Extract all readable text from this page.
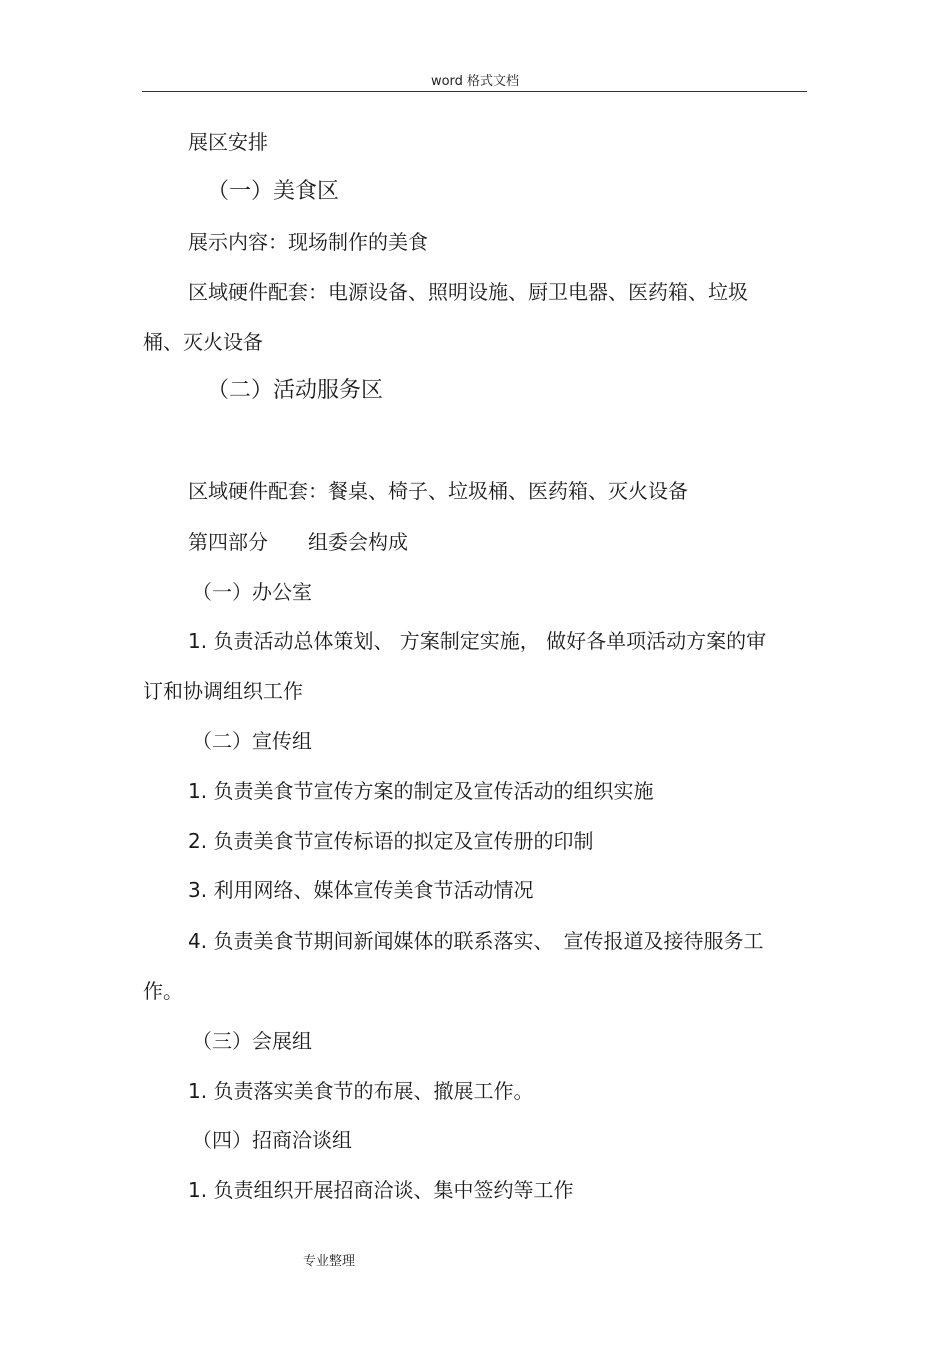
word 格式文档
展区安排
（一）美食区
展示内容：现场制作的美食
区域硬件配套：电源设备、照明设施、厨卫电器、医药箱、垃圾
桶、灭火设备
（二）活动服务区
区域硬件配套：餐桌、椅子、垃圾桶、医药箱、灭火设备
第四部分　　组委会构成
（一）办公室
1. 负责活动总体策划、 方案制定实施， 做好各单项活动方案的审
订和协调组织工作
（二）宣传组
1. 负责美食节宣传方案的制定及宣传活动的组织实施
2. 负责美食节宣传标语的拟定及宣传册的印制
3. 利用网络、媒体宣传美食节活动情况
4. 负责美食节期间新闻媒体的联系落实、　宣传报道及接待服务工
作。
（三）会展组
1. 负责落实美食节的布展、撤展工作。
（四）招商洽谈组
1. 负责组织开展招商洽谈、集中签约等工作
专业整理
